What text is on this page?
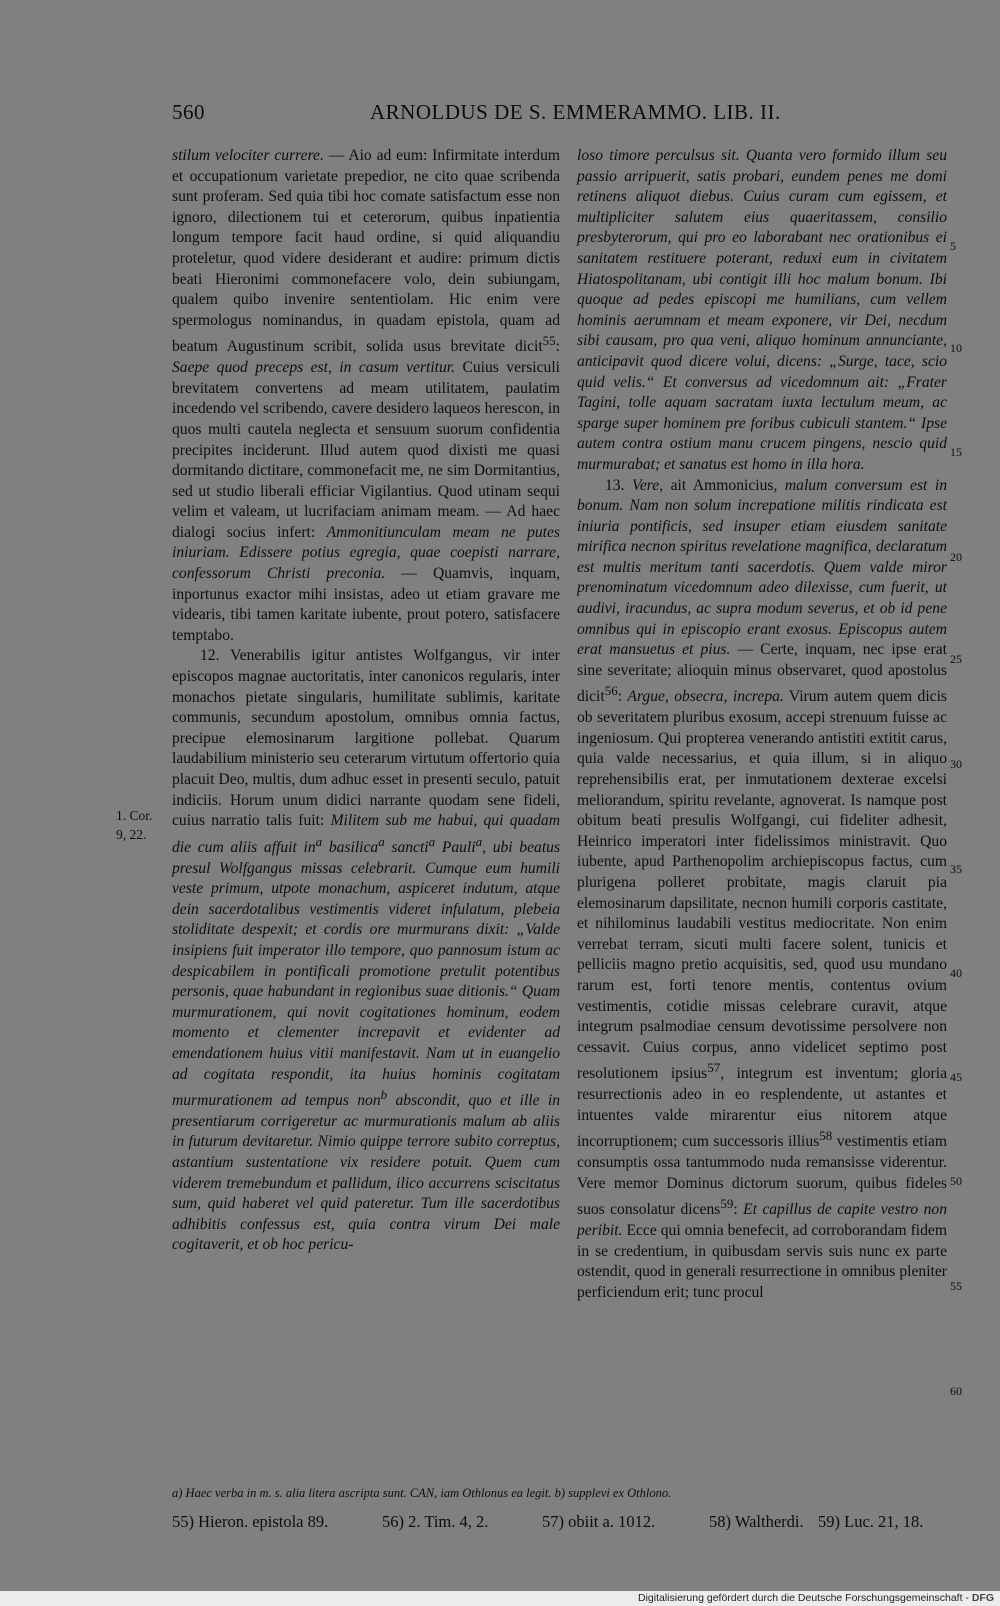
560	ARNOLDUS DE S. EMMERAMMO. LIB. II.
1. Cor.
9, 22.

stilum velociter currere. — Aio ad eum: Infirmitate interdum et occupationum varietate prepedior, ne cito quae scribenda sunt proferam. Sed quia tibi hoc comate satisfactum esse non ignoro, dilectionem tui et ceterorum, quibus inpatientia longum tempore facit haud ordine, si quid aliquandiu proteletur, quod videre desiderant et audire: primum dictis beati Hieronimi commonefacere volo, dein subiungam, qualem quibo invenire sententiolam. Hic enim vere spermologus nominandus, in quadam epistola, quam ad beatum Augustinum scribit, solida usus brevitate dicit$^{55}$: Saepe quod preceps est, in casum vertitur. Cuius versiculi brevitatem convertens ad meam utilitatem, paulatim incedendo vel scribendo, cavere desidero laqueos herescon, in quos multi cautela neglecta et sensuum suorum confidentia precipites inciderunt. Illud autem quod dixisti me quasi dormitando dictitare, commonefacit me, ne sim Dormitantius, sed ut studio liberali efficiar Vigilantius. Quod utinam sequi velim et valeam, ut lucrifaciam animam meam. — Ad haec dialogi socius infert: Ammonitiunculam meam ne putes iniuriam. Edissere potius egregia, quae coepisti narrare, confessorum Christi preconia. — Quamvis, inquam, inportunus exactor mihi insistas, adeo ut etiam gravare me videaris, tibi tamen karitate iubente, prout potero, satisfacere temptabo.

12. Venerabilis igitur antistes Wolfgangus, vir inter episcopos magnae auctoritatis, inter canonicos regularis, inter monachos pietate singularis, humilitate sublimis, karitate communis, secundum apostolum, omnibus omnia factus, precipue elemosinarum largitione pollebat. Quarum laudabilium ministerio seu ceterarum virtutum offertorio quia placuit Deo, multis, dum adhuc esset in presenti seculo, patuit indiciis. Horum unum didici narrante quodam sene fideli, cuius narratio talis fuit: Militem sub me habui, qui quadam die cum aliis affuit $in^a$ basilica$^a$ sancti$^a$ Pauli$^a$, ubi beatus presul Wolfgangus missas celebrarit. Cumque eum humili veste primum, utpote monachum, aspiceret indutum, atque dein sacerdotalibus vestimentis videret infulatum, plebeia stoliditate despexit; et cordis ore murmurans dixit: „Valde insipiens fuit imperator illo tempore, quo pannosum istum ac despicabilem in pontificali promotione pretulit potentibus personis, quae habundant in regionibus suae ditionis.“ Quam murmurationem, qui novit cogitationes hominum, eodem momento et clementer increpavit et evidenter ad emendationem huius vitii manifestavit. Nam ut in euangelio ad cogitata respondit, ita huius hominis cogitatam murmurationem ad tempus non$^b$ abscondit, quo et ille in presentiarum corrigeretur ac murmurationis malum ab aliis in futurum devitaretur. Nimio quippe terrore subito correptus, astantium sustentatione vix residere potuit. Quem cum viderem tremebundum et pallidum, ilico accurrens sciscitatus sum, quid haberet vel quid pateretur. Tum ille sacerdotibus adhibitis confessus est, quia contra virum Dei male cogitaverit, et ob hoc pericu-

loso timore perculsus sit. Quanta vero formido illum seu passio arripuerit, satis probari, eundem penes me domi retinens aliquot diebus. Cuius curam cum egissem, et multipliciter salutem eius quaeritassem, consilio presbyterorum, qui pro eo laborabant nec orationibus ei sanitatem restituere poterant, reduxi eum in civitatem Hiatospolitanam, ubi contigit illi hoc malum bonum. Ibi quoque ad pedes episcopi me humilians, cum vellem hominis aerumnam et meam exponere, vir Dei, necdum sibi causam, pro qua veni, aliquo hominum annunciante, anticipavit quod dicere volui, dicens: „Surge, tace, scio quid velis.“ Et conversus ad vicedomnum ait: „Frater Tagini, tolle aquam sacratam iuxta lectulum meum, ac sparge super hominem pre foribus cubiculi stantem.“ Ipse autem contra ostium manu crucem pingens, nescio quid murmurabat; et sanatus est homo in illa hora.

13. Vere, ait Ammonicius, malum conversum est in bonum. Nam non solum increpatione militis rindicata est iniuria pontificis, sed insuper etiam eiusdem sanitate mirifica necnon spiritus revelatione magnifica, declaratum est multis meritum tanti sacerdotis. Quem valde miror prenominatum vicedomnum adeo dilexisse, cum fuerit, ut audivi, iracundus, ac supra modum severus, et ob id pene omnibus qui in episcopio erant exosus. Episcopus autem erat mansuetus et pius. — Certe, inquam, nec ipse erat sine severitate; alioquin minus observaret, quod apostolus dicit$^{56}$: Argue, obsecra, increpa. Virum autem quem dicis ob severitatem pluribus exosum, accepi strenuum fuisse ac ingeniosum. Qui propterea venerando antistiti extitit carus, quia valde necessarius, et quia illum, si in aliquo reprehensibilis erat, per inmutationem dexterae excelsi meliorandum, spiritu revelante, agnoverat. Is namque post obitum beati presulis Wolfgangi, cui fideliter adhesit, Heinrico imperatori inter fidelissimos ministravit. Quo iubente, apud Parthenopolim archiepiscopus factus, cum plurigena polleret probitate, magis claruit pia elemosinarum dapsilitate, necnon humili corporis castitate, et nihilominus laudabili vestitus mediocritate. Non enim verrebat terram, sicuti multi facere solent, tunicis et pelliciis magno pretio acquisitis, sed, quod usu mundano rarum est, forti tenore mentis, contentus ovium vestimentis, cotidie missas celebrare curavit, atque integrum psalmodiae censum devotissime persolvere non cessavit. Cuius corpus, anno videlicet septimo post resolutionem ipsius$^{57}$, integrum est inventum; gloria resurrectionis adeo in eo resplendente, ut astantes et intuentes valde mirarentur eius nitorem atque incorruptionem; cum successoris illius$^{58}$ vestimentis etiam consumptis ossa tantummodo nuda remansisse viderentur. Vere memor Dominus dictorum suorum, quibus fideles suos consolatur dicens$^{59}$: Et capillus de capite vestro non peribit. Ecce qui omnia benefecit, ad corroborandam fidem in se credentium, in quibusdam servis suis nunc ex parte ostendit, quod in generali resurrectione in omnibus pleniter perficiendum erit; tunc procul

5
10
15
20
25
30
35
40
45
50
55
60
a) Haec verba in m. s. alia litera ascripta sunt. CAN, iam Othlonus ea legit. b) supplevi ex Othlono.
55) Hieron. epistola 89.	56) 2. Tim. 4, 2.	57) obiit a. 1012.	58) Waltherdi. 59) Luc. 21, 18.
Digitalisierung gefördert durch die Deutsche Forschungsgemeinschaft - DFG
